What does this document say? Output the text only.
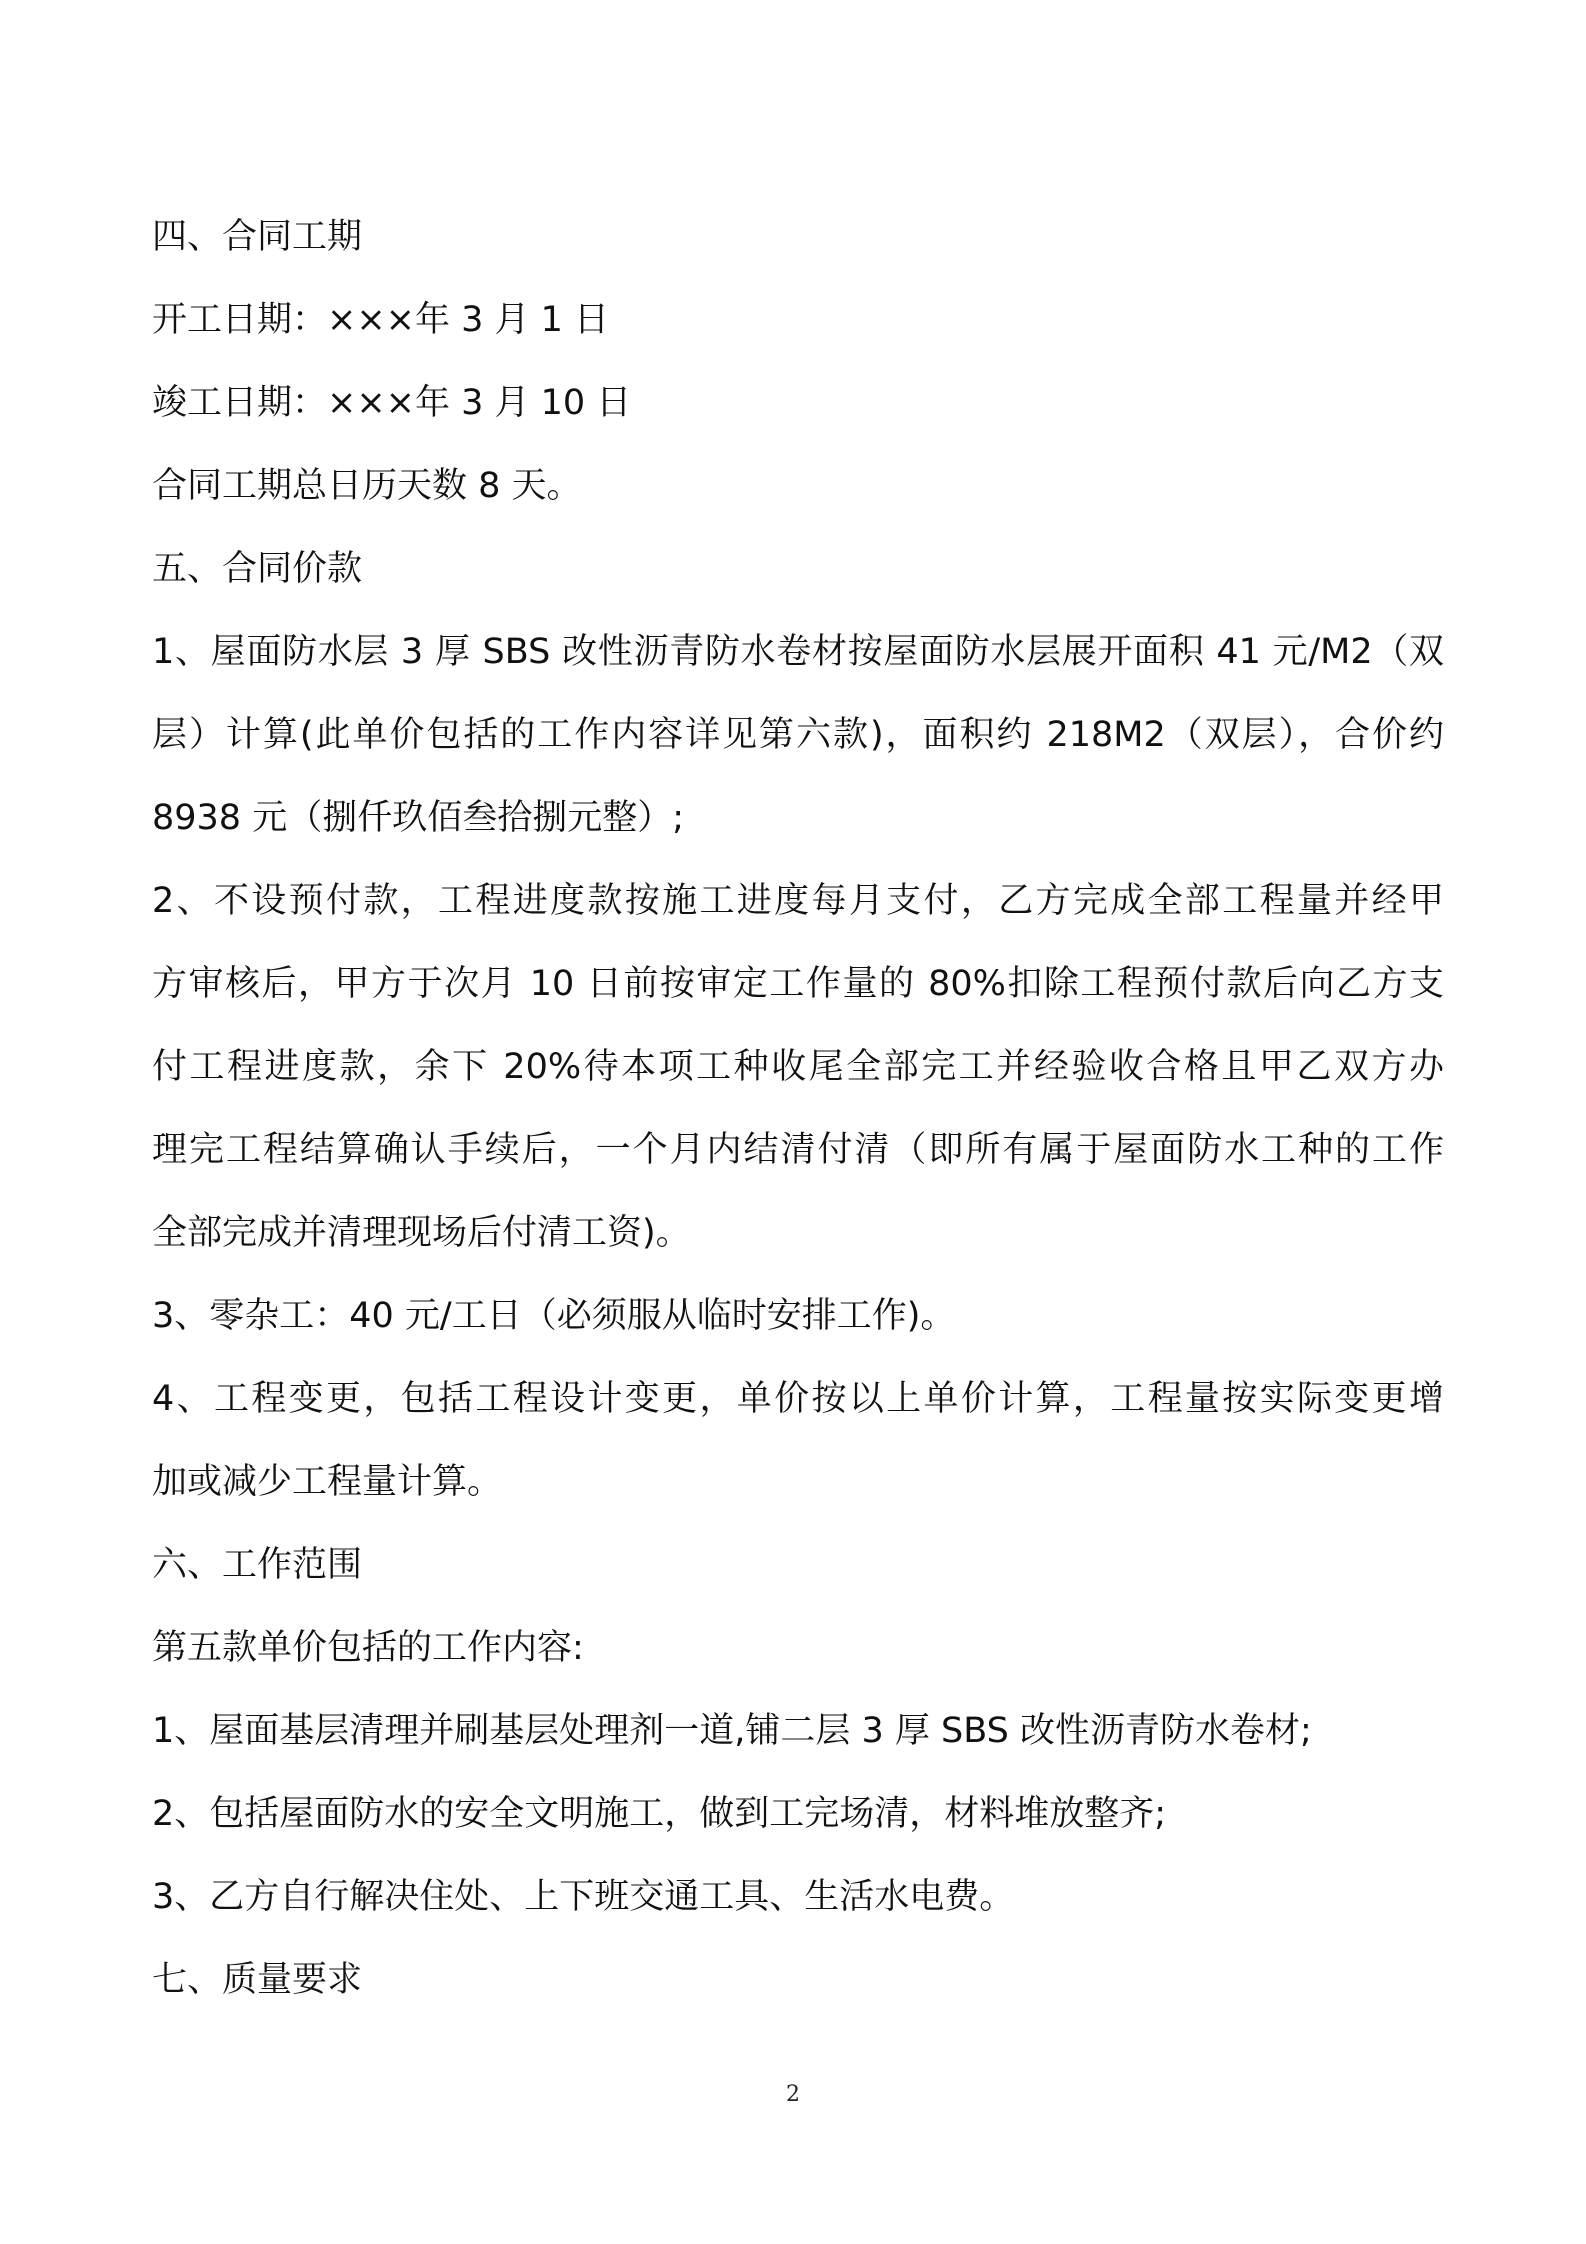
四、合同工期
开工日期：×××年 3 月 1 日
竣工日期：×××年 3 月 10 日
合同工期总日历天数 8 天。
五、合同价款
1、屋面防水层 3 厚 SBS 改性沥青防水卷材按屋面防水层展开面积 41 元/M2（双
层）计算(此单价包括的工作内容详见第六款)，面积约 218M2（双层），合价约
8938 元（捌仟玖佰叁拾捌元整）;
2、不设预付款，工程进度款按施工进度每月支付，乙方完成全部工程量并经甲
方审核后，甲方于次月 10 日前按审定工作量的 80%扣除工程预付款后向乙方支
付工程进度款，余下 20%待本项工种收尾全部完工并经验收合格且甲乙双方办
理完工程结算确认手续后，一个月内结清付清（即所有属于屋面防水工种的工作
全部完成并清理现场后付清工资)。
3、零杂工：40 元/工日（必须服从临时安排工作)。
4、工程变更，包括工程设计变更，单价按以上单价计算，工程量按实际变更增
加或减少工程量计算。
六、工作范围
第五款单价包括的工作内容:
1、屋面基层清理并刷基层处理剂一道,铺二层 3 厚 SBS 改性沥青防水卷材;
2、包括屋面防水的安全文明施工，做到工完场清，材料堆放整齐;
3、乙方自行解决住处、上下班交通工具、生活水电费。
七、质量要求
2
